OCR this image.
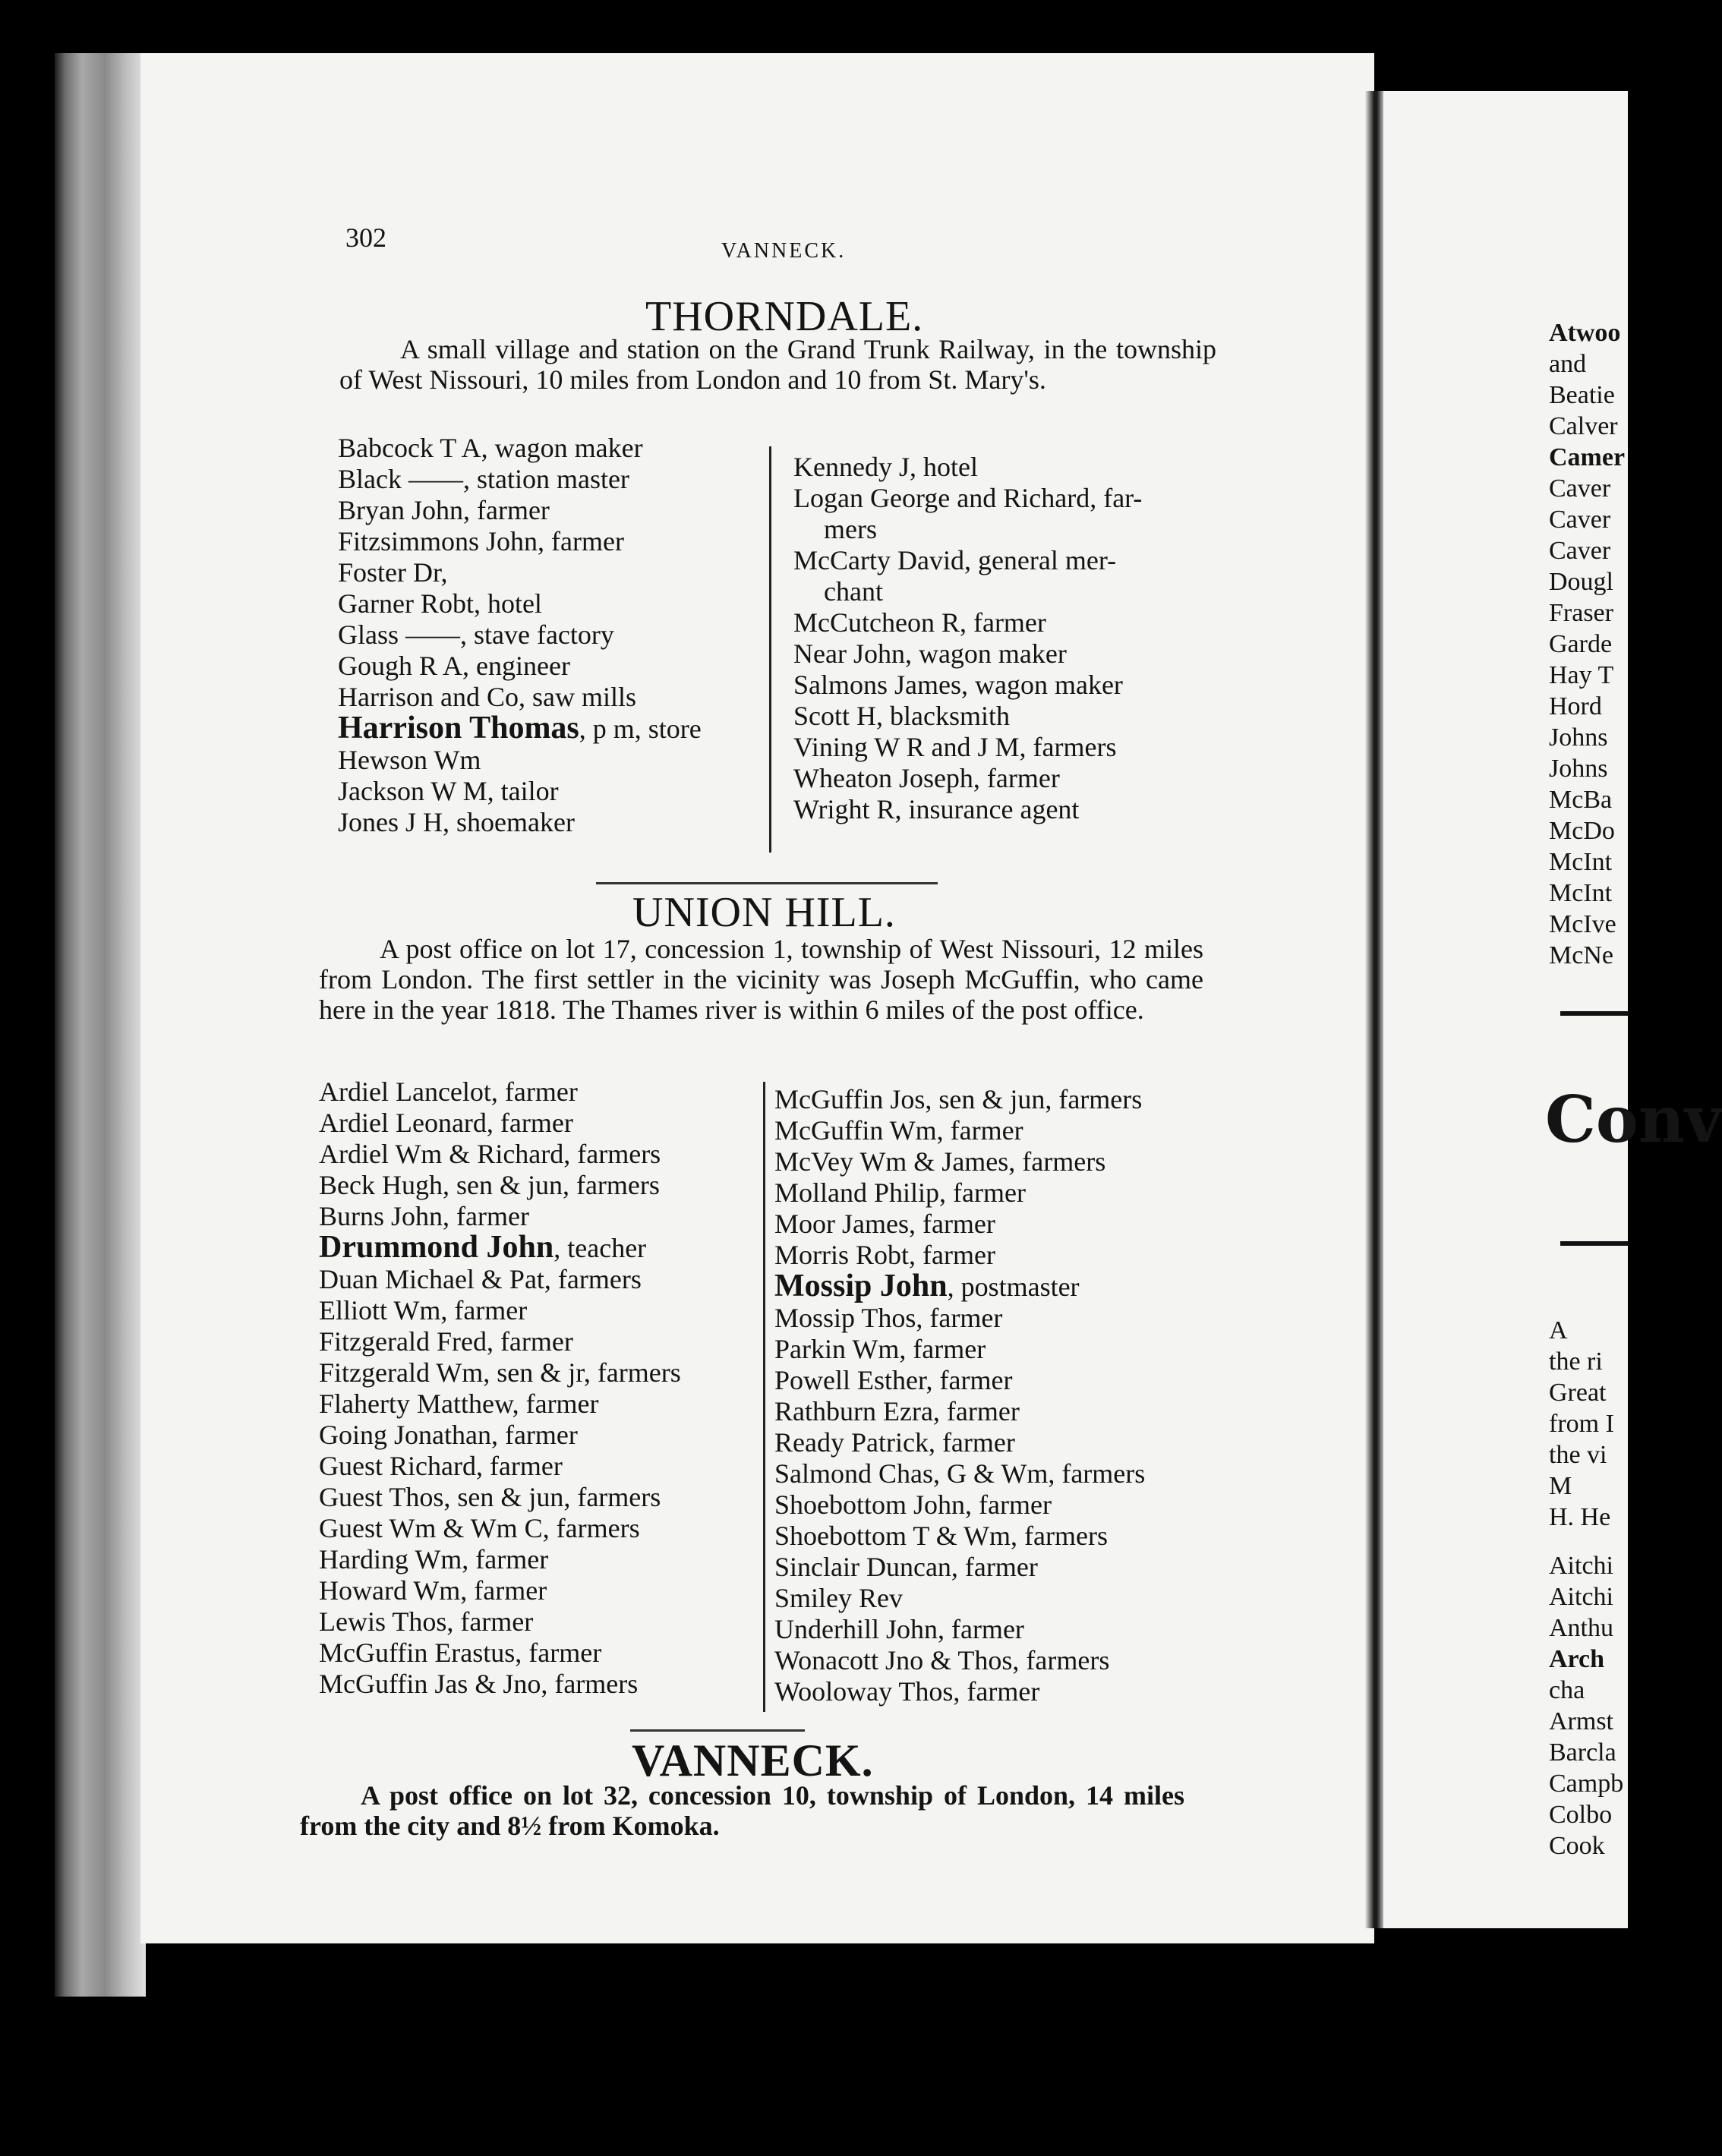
302	VANNECK.
THORNDALE.
A small village and station on the Grand Trunk Railway, in the township of West Nissouri, 10 miles from London and 10 from St. Mary's.
Babcock T A, wagon maker
Black ——, station master
Bryan John, farmer
Fitzsimmons John, farmer
Foster Dr,
Garner Robt, hotel
Glass ——, stave factory
Gough R A, engineer
Harrison and Co, saw mills
Harrison Thomas, p m, store
Hewson Wm
Jackson W M, tailor
Jones J H, shoemaker
Kennedy J, hotel
Logan George and Richard, far-
mers
McCarty David, general mer-
chant
McCutcheon R, farmer
Near John, wagon maker
Salmons James, wagon maker
Scott H, blacksmith
Vining W R and J M, farmers
Wheaton Joseph, farmer
Wright R, insurance agent
UNION HILL.
A post office on lot 17, concession 1, township of West Nissouri, 12 miles from London. The first settler in the vicinity was Joseph McGuffin, who came here in the year 1818. The Thames river is within 6 miles of the post office.
Ardiel Lancelot, farmer
Ardiel Leonard, farmer
Ardiel Wm & Richard, farmers
Beck Hugh, sen & jun, farmers
Burns John, farmer
Drummond John, teacher
Duan Michael & Pat, farmers
Elliott Wm, farmer
Fitzgerald Fred, farmer
Fitzgerald Wm, sen & jr, farmers
Flaherty Matthew, farmer
Going Jonathan, farmer
Guest Richard, farmer
Guest Thos, sen & jun, farmers
Guest Wm & Wm C, farmers
Harding Wm, farmer
Howard Wm, farmer
Lewis Thos, farmer
McGuffin Erastus, farmer
McGuffin Jas & Jno, farmers
McGuffin Jos, sen & jun, farmers
McGuffin Wm, farmer
McVey Wm & James, farmers
Molland Philip, farmer
Moor James, farmer
Morris Robt, farmer
Mossip John, postmaster
Mossip Thos, farmer
Parkin Wm, farmer
Powell Esther, farmer
Rathburn Ezra, farmer
Ready Patrick, farmer
Salmond Chas, G & Wm, farmers
Shoebottom John, farmer
Shoebottom T & Wm, farmers
Sinclair Duncan, farmer
Smiley Rev
Underhill John, farmer
Wonacott Jno & Thos, farmers
Wooloway Thos, farmer
VANNECK.
A post office on lot 32, concession 10, township of London, 14 miles from the city and 8½ from Komoka.
Atwoo
and
Beatie
Calver
Camer
Caver
Caver
Caver
Dougl
Fraser
Garde
Hay T
Hord
Johns
Johns
McBa
McDo
McInt
McInt
McIve
McNe
Conv
A
the ri
Great
from I
the vi
M
H. He
Aitchi
Aitchi
Anthu
Arch
cha
Armst
Barcla
Campb
Colbo
Cook
